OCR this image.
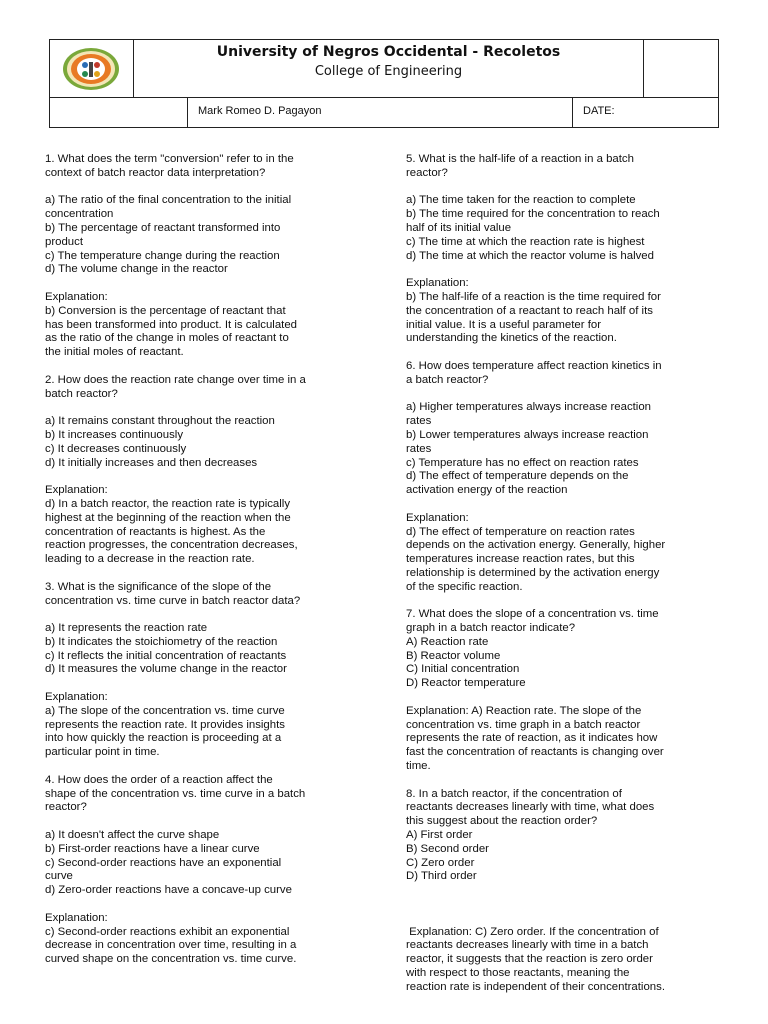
University of Negros Occidental - Recoletos
College of Engineering
Mark Romeo D. Pagayon	DATE:

1. What does the term "conversion" refer to in the
context of batch reactor data interpretation?

a) The ratio of the final concentration to the initial
concentration
b) The percentage of reactant transformed into
product
c) The temperature change during the reaction
d) The volume change in the reactor

Explanation:
b) Conversion is the percentage of reactant that
has been transformed into product. It is calculated
as the ratio of the change in moles of reactant to
the initial moles of reactant.

2. How does the reaction rate change over time in a
batch reactor?

a) It remains constant throughout the reaction
b) It increases continuously
c) It decreases continuously
d) It initially increases and then decreases

Explanation:
d) In a batch reactor, the reaction rate is typically
highest at the beginning of the reaction when the
concentration of reactants is highest. As the
reaction progresses, the concentration decreases,
leading to a decrease in the reaction rate.

3. What is the significance of the slope of the
concentration vs. time curve in batch reactor data?

a) It represents the reaction rate
b) It indicates the stoichiometry of the reaction
c) It reflects the initial concentration of reactants
d) It measures the volume change in the reactor

Explanation:
a) The slope of the concentration vs. time curve
represents the reaction rate. It provides insights
into how quickly the reaction is proceeding at a
particular point in time.

4. How does the order of a reaction affect the
shape of the concentration vs. time curve in a batch
reactor?

a) It doesn't affect the curve shape
b) First-order reactions have a linear curve
c) Second-order reactions have an exponential
curve
d) Zero-order reactions have a concave-up curve

Explanation:
c) Second-order reactions exhibit an exponential
decrease in concentration over time, resulting in a
curved shape on the concentration vs. time curve.

5. What is the half-life of a reaction in a batch
reactor?

a) The time taken for the reaction to complete
b) The time required for the concentration to reach
half of its initial value
c) The time at which the reaction rate is highest
d) The time at which the reactor volume is halved

Explanation:
b) The half-life of a reaction is the time required for
the concentration of a reactant to reach half of its
initial value. It is a useful parameter for
understanding the kinetics of the reaction.

6. How does temperature affect reaction kinetics in
a batch reactor?

a) Higher temperatures always increase reaction
rates
b) Lower temperatures always increase reaction
rates
c) Temperature has no effect on reaction rates
d) The effect of temperature depends on the
activation energy of the reaction

Explanation:
d) The effect of temperature on reaction rates
depends on the activation energy. Generally, higher
temperatures increase reaction rates, but this
relationship is determined by the activation energy
of the specific reaction.

7. What does the slope of a concentration vs. time
graph in a batch reactor indicate?
A) Reaction rate
B) Reactor volume
C) Initial concentration
D) Reactor temperature

Explanation: A) Reaction rate. The slope of the
concentration vs. time graph in a batch reactor
represents the rate of reaction, as it indicates how
fast the concentration of reactants is changing over
time.

8. In a batch reactor, if the concentration of
reactants decreases linearly with time, what does
this suggest about the reaction order?
A) First order
B) Second order
C) Zero order
D) Third order

Explanation: C) Zero order. If the concentration of
reactants decreases linearly with time in a batch
reactor, it suggests that the reaction is zero order
with respect to those reactants, meaning the
reaction rate is independent of their concentrations.
